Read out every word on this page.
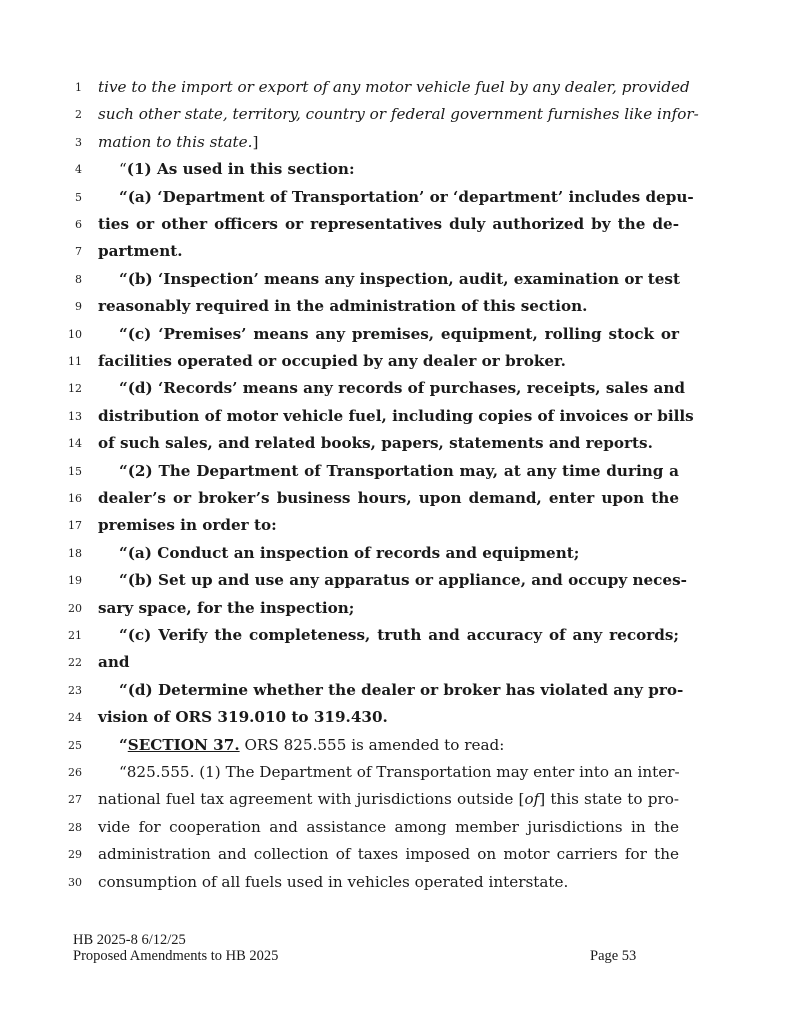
1 tive to the import or export of any motor vehicle fuel by any dealer, provided
2 such other state, territory, country or federal government furnishes like infor-
3 mation to this state.]
4 “(1) As used in this section:
5 “(a) ‘Department of Transportation’ or ‘department’ includes depu-
6 ties or other officers or representatives duly authorized by the de-
7 partment.
8 “(b) ‘Inspection’ means any inspection, audit, examination or test
9 reasonably required in the administration of this section.
10 “(c) ‘Premises’ means any premises, equipment, rolling stock or
11 facilities operated or occupied by any dealer or broker.
12 “(d) ‘Records’ means any records of purchases, receipts, sales and
13 distribution of motor vehicle fuel, including copies of invoices or bills
14 of such sales, and related books, papers, statements and reports.
15 “(2) The Department of Transportation may, at any time during a
16 dealer’s or broker’s business hours, upon demand, enter upon the
17 premises in order to:
18 “(a) Conduct an inspection of records and equipment;
19 “(b) Set up and use any apparatus or appliance, and occupy neces-
20 sary space, for the inspection;
21 “(c) Verify the completeness, truth and accuracy of any records;
22 and
23 “(d) Determine whether the dealer or broker has violated any pro-
24 vision of ORS 319.010 to 319.430.
25 “SECTION 37. ORS 825.555 is amended to read:
26 “825.555. (1) The Department of Transportation may enter into an inter-
27 national fuel tax agreement with jurisdictions outside [of] this state to pro-
28 vide for cooperation and assistance among member jurisdictions in the
29 administration and collection of taxes imposed on motor carriers for the
30 consumption of all fuels used in vehicles operated interstate.
HB 2025-8 6/12/25
Proposed Amendments to HB 2025	Page 53
